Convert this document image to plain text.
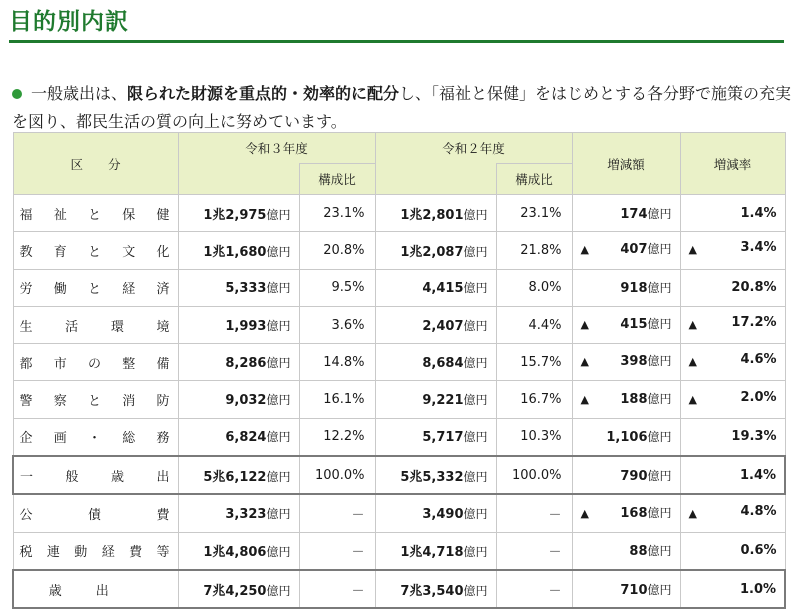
目的別内訳

一般歳出は、限られた財源を重点的・効率的に配分し、「福祉と保健」をはじめとする各分野で施策の充実を図り、都民生活の質の向上に努めています。

区　　分	令和３年度		令和２年度		増減額	増減率
		構成比		構成比		

福祉と保健	1兆2,975億円	23.1%	1兆2,801億円	23.1%	174億円	1.4%

教育と文化	1兆1,680億円	20.8%	1兆2,087億円	21.8%	▲ 407億円	▲ 3.4%

労働と経済	5,333億円	9.5%	4,415億円	8.0%	918億円	20.8%

生活環境	1,993億円	3.6%	2,407億円	4.4%	▲ 415億円	▲ 17.2%

都市の整備	8,286億円	14.8%	8,684億円	15.7%	▲ 398億円	▲ 4.6%

警察と消防	9,032億円	16.1%	9,221億円	16.7%	▲ 188億円	▲ 2.0%

企画・総務	6,824億円	12.2%	5,717億円	10.3%	1,106億円	19.3%

一般歳出	5兆6,122億円	100.0%	5兆5,332億円	100.0%	790億円	1.4%

公債費	3,323億円	－	3,490億円	－	▲ 168億円	▲ 4.8%

税連動経費等	1兆4,806億円	－	1兆4,718億円	－	88億円	0.6%

歳出	7兆4,250億円	－	7兆3,540億円	－	710億円	1.0%
